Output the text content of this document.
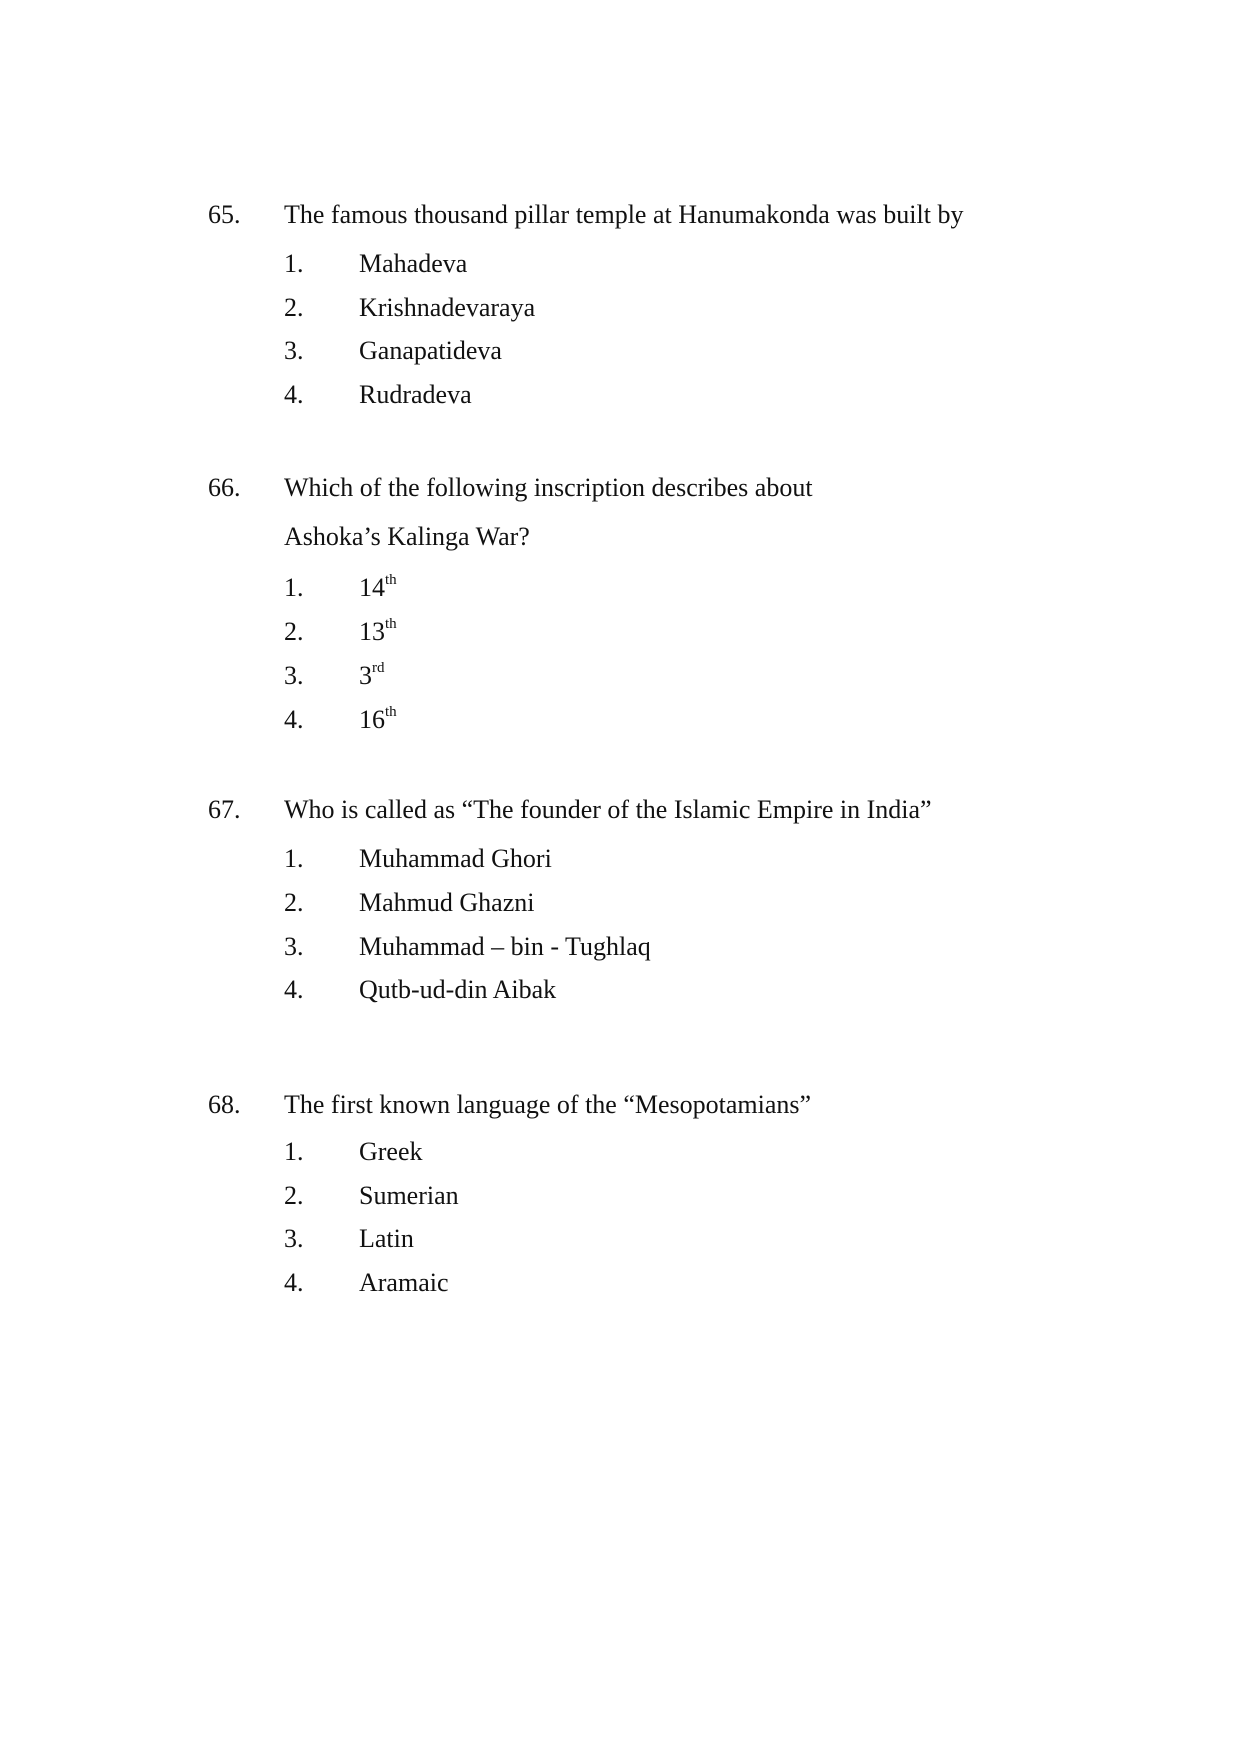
65. The famous thousand pillar temple at Hanumakonda was built by
1. Mahadeva
2. Krishnadevaraya
3. Ganapatideva
4. Rudradeva
66. Which of the following inscription describes about
Ashoka’s Kalinga War?
1. 14th
2. 13th
3. 3rd
4. 16th
67. Who is called as “The founder of the Islamic Empire in India”
1. Muhammad Ghori
2. Mahmud Ghazni
3. Muhammad – bin - Tughlaq
4. Qutb-ud-din Aibak
68. The first known language of the “Mesopotamians”
1. Greek
2. Sumerian
3. Latin
4. Aramaic
